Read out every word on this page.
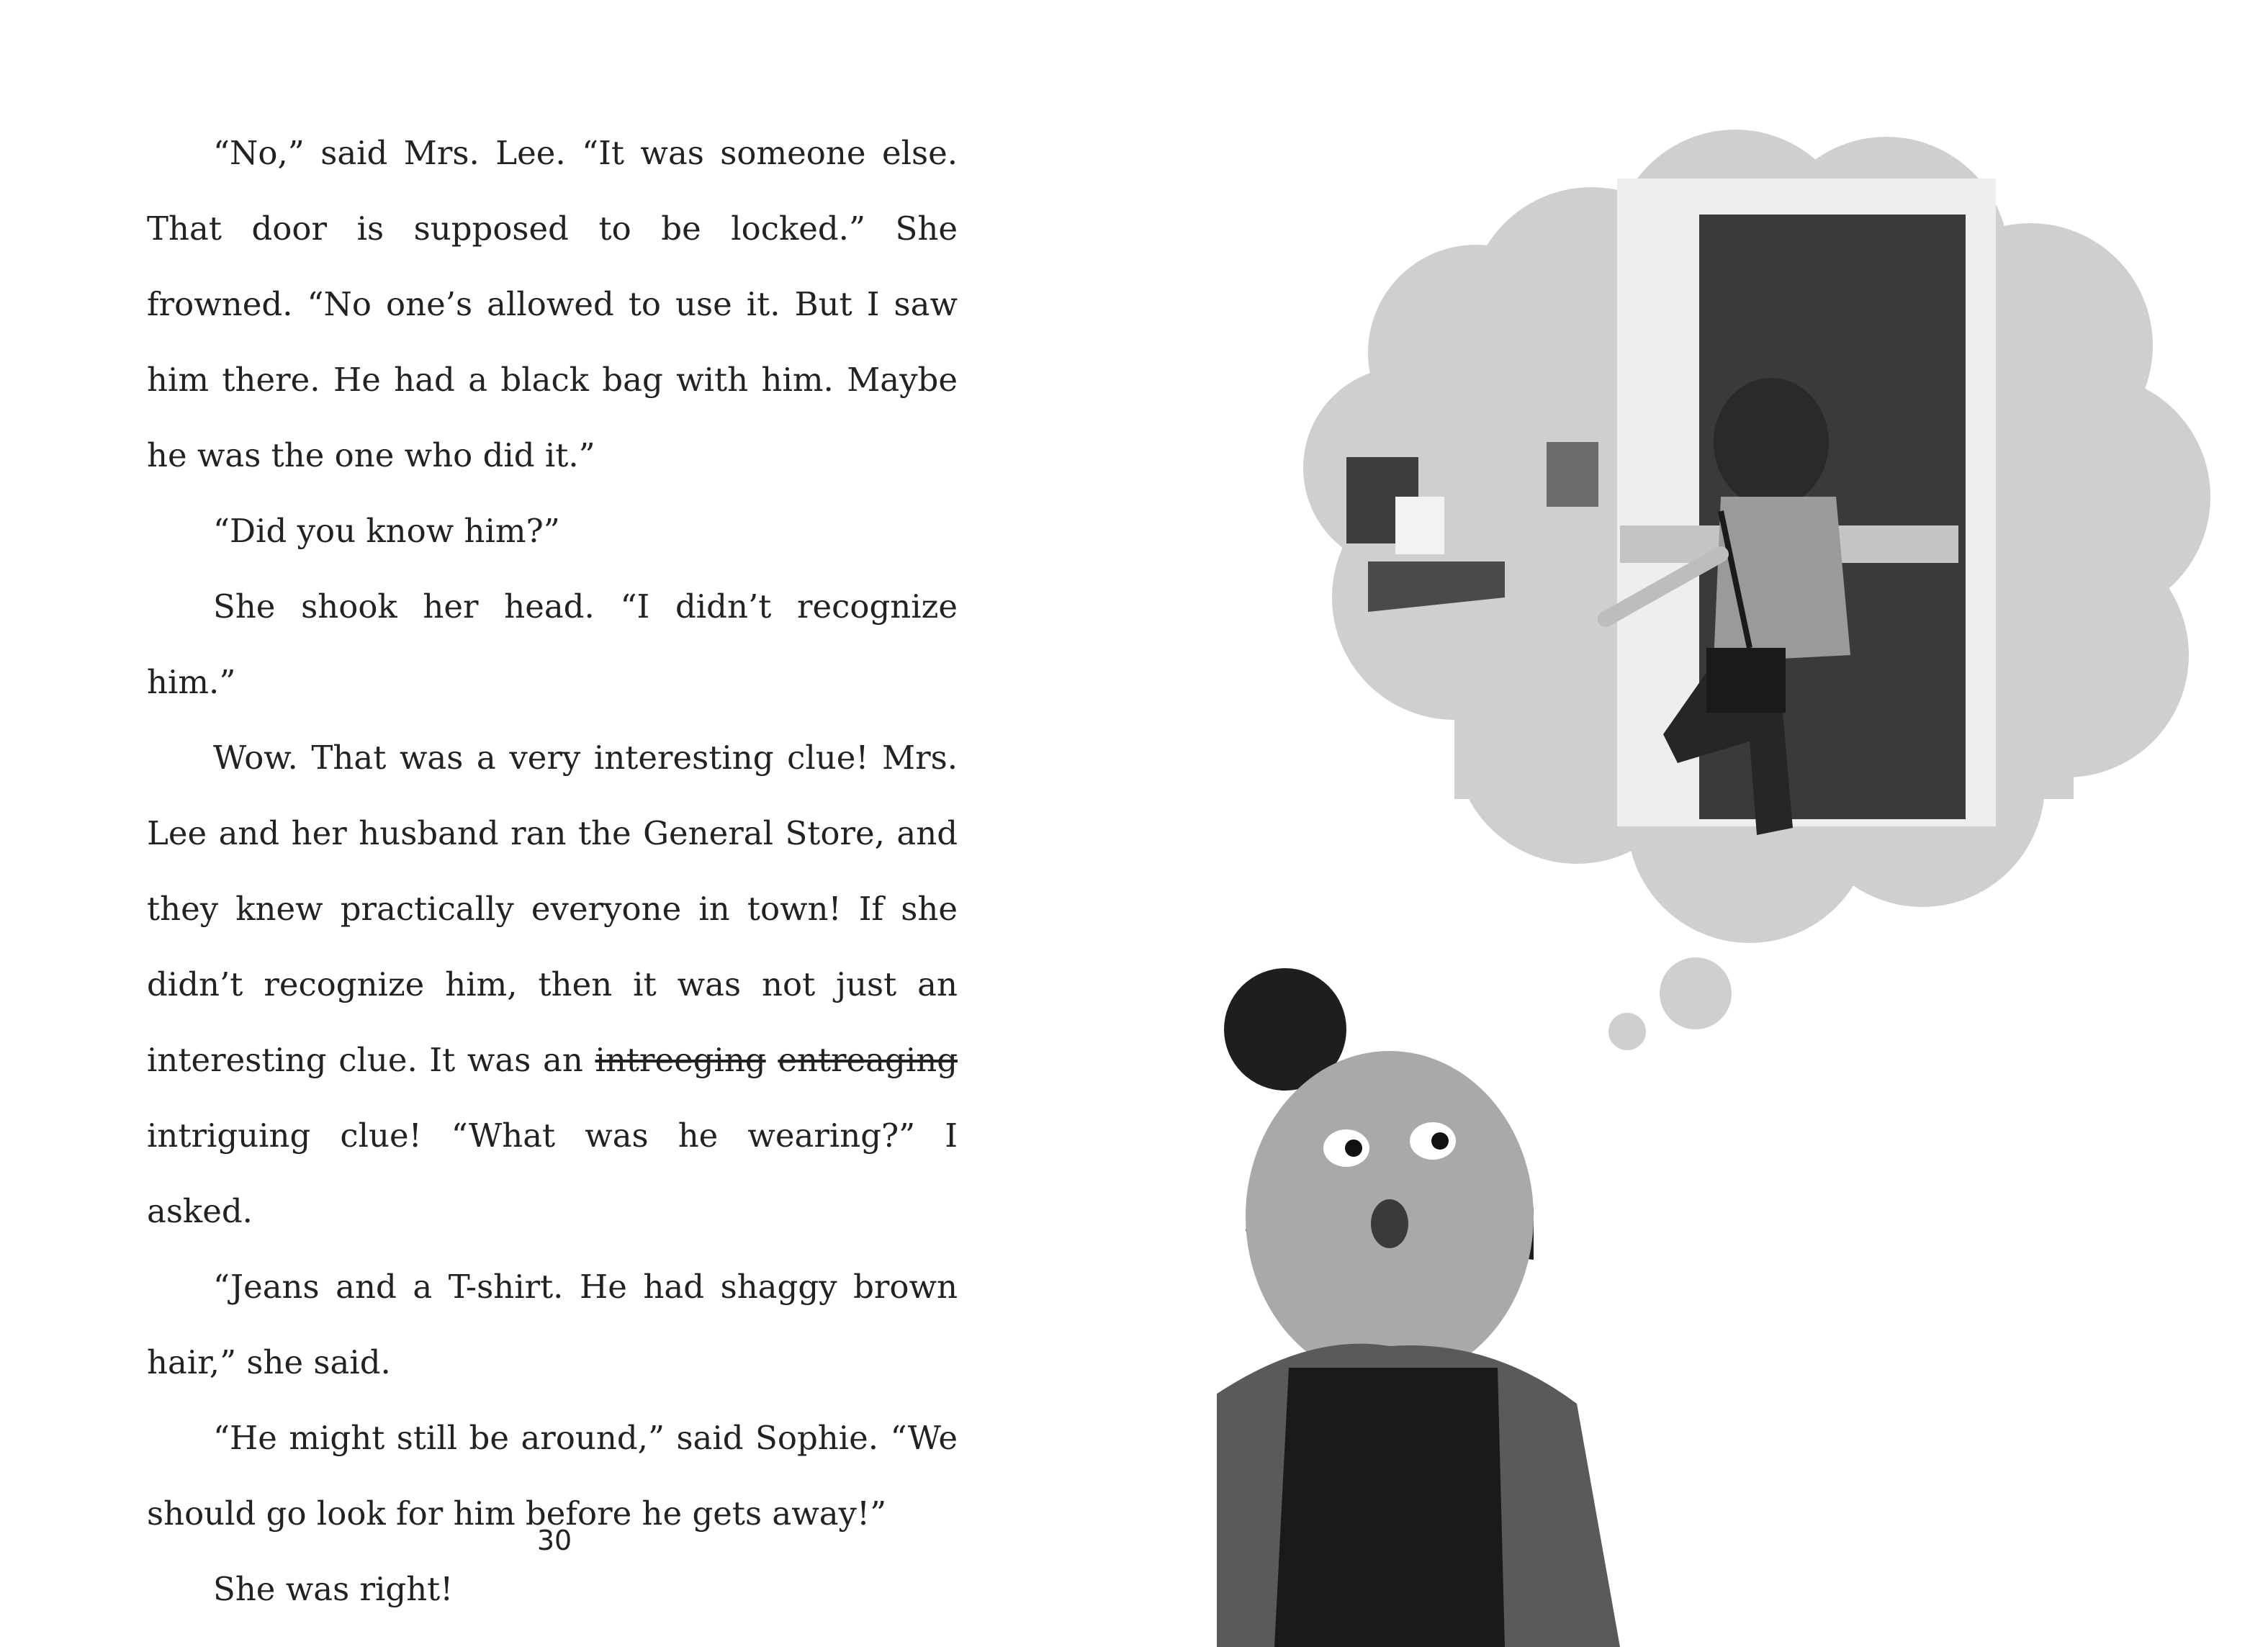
“No,” said Mrs. Lee. “It was someone else. That door is supposed to be locked.” She frowned. “No one’s allowed to use it. But I saw him there. He had a black bag with him. Maybe he was the one who did it.”

“Did you know him?”

She shook her head. “I didn’t recognize him.”

Wow. That was a very interesting clue! Mrs. Lee and her husband ran the General Store, and they knew practically everyone in town! If she didn’t recognize him, then it was not just an interesting clue. It was an intreeging entreaging intriguing clue! “What was he wearing?” I asked.

“Jeans and a T-shirt. He had shaggy brown hair,” she said.

“He might still be around,” said Sophie. “We should go look for him before he gets away!”

She was right!

30
